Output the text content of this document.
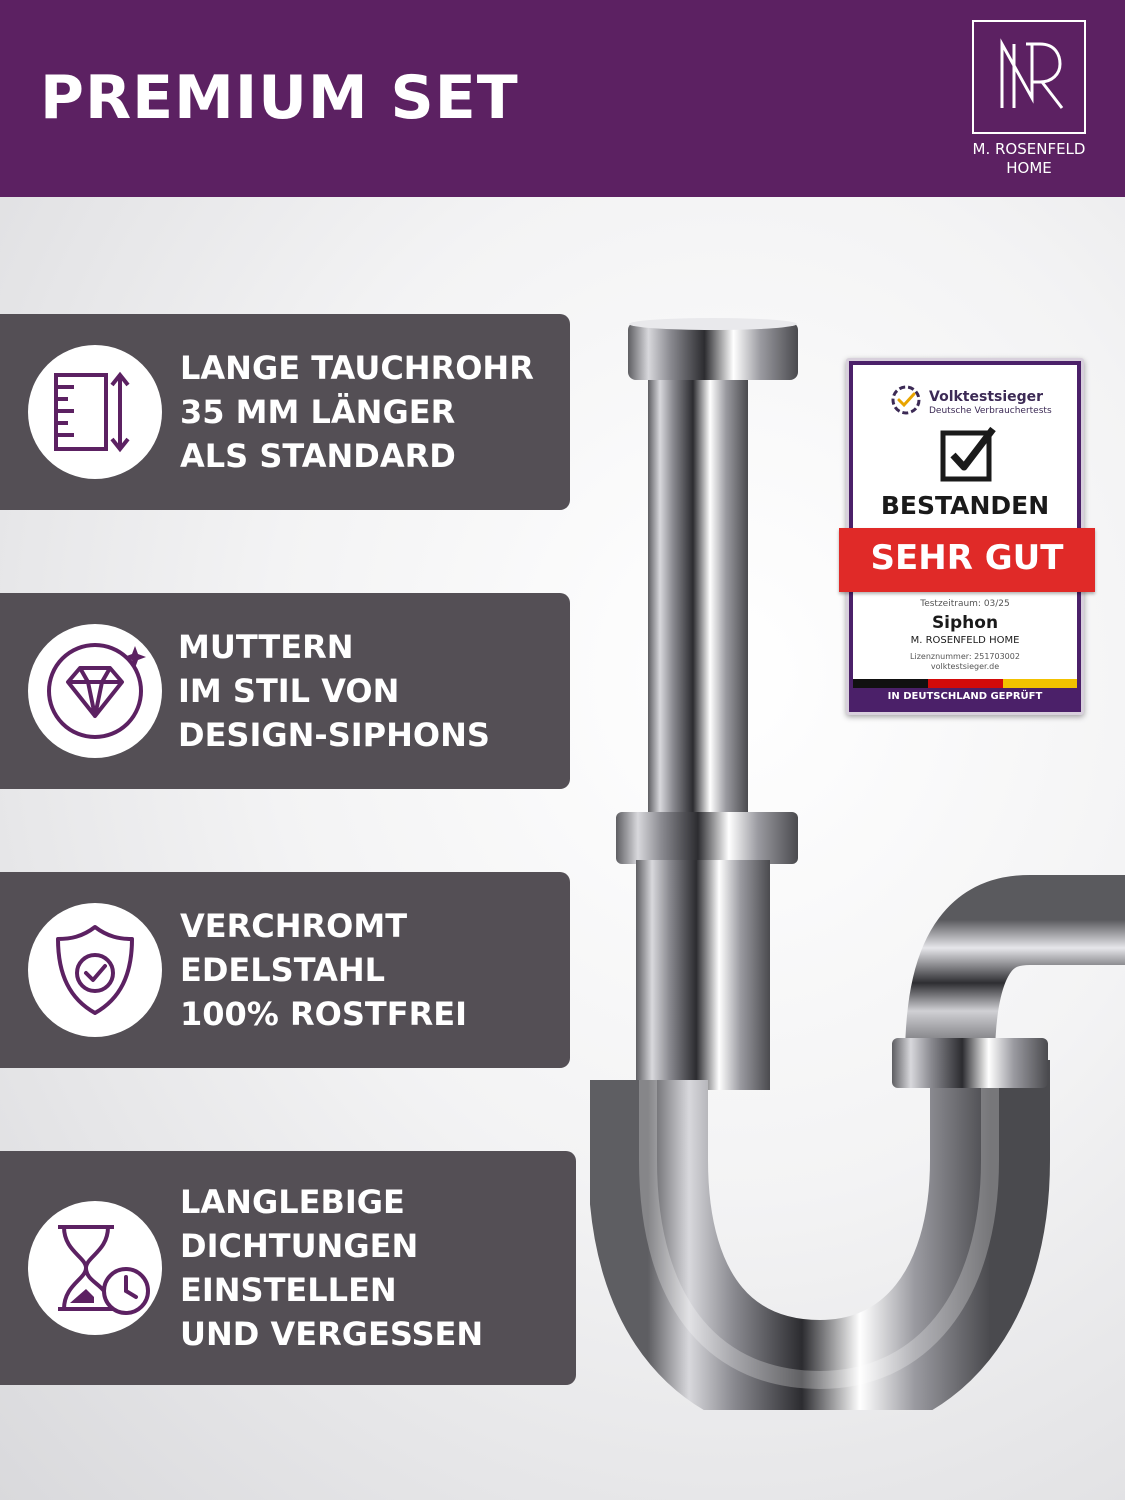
PREMIUM SET
M. ROSENFELD
HOME
LANGE TAUCHROHR
35 MM LÄNGER
ALS STANDARD
MUTTERN
IM STIL VON
DESIGN-SIPHONS
VERCHROMT
EDELSTAHL
100% ROSTFREI
LANGLEBIGE
DICHTUNGEN
EINSTELLEN
UND VERGESSEN
Volktestsieger
Deutsche Verbrauchertests
BESTANDEN
SEHR GUT
Testzeitraum: 03/25
Siphon
M. ROSENFELD HOME
Lizenznummer: 251703002
volktestsieger.de
IN DEUTSCHLAND GEPRÜFT
